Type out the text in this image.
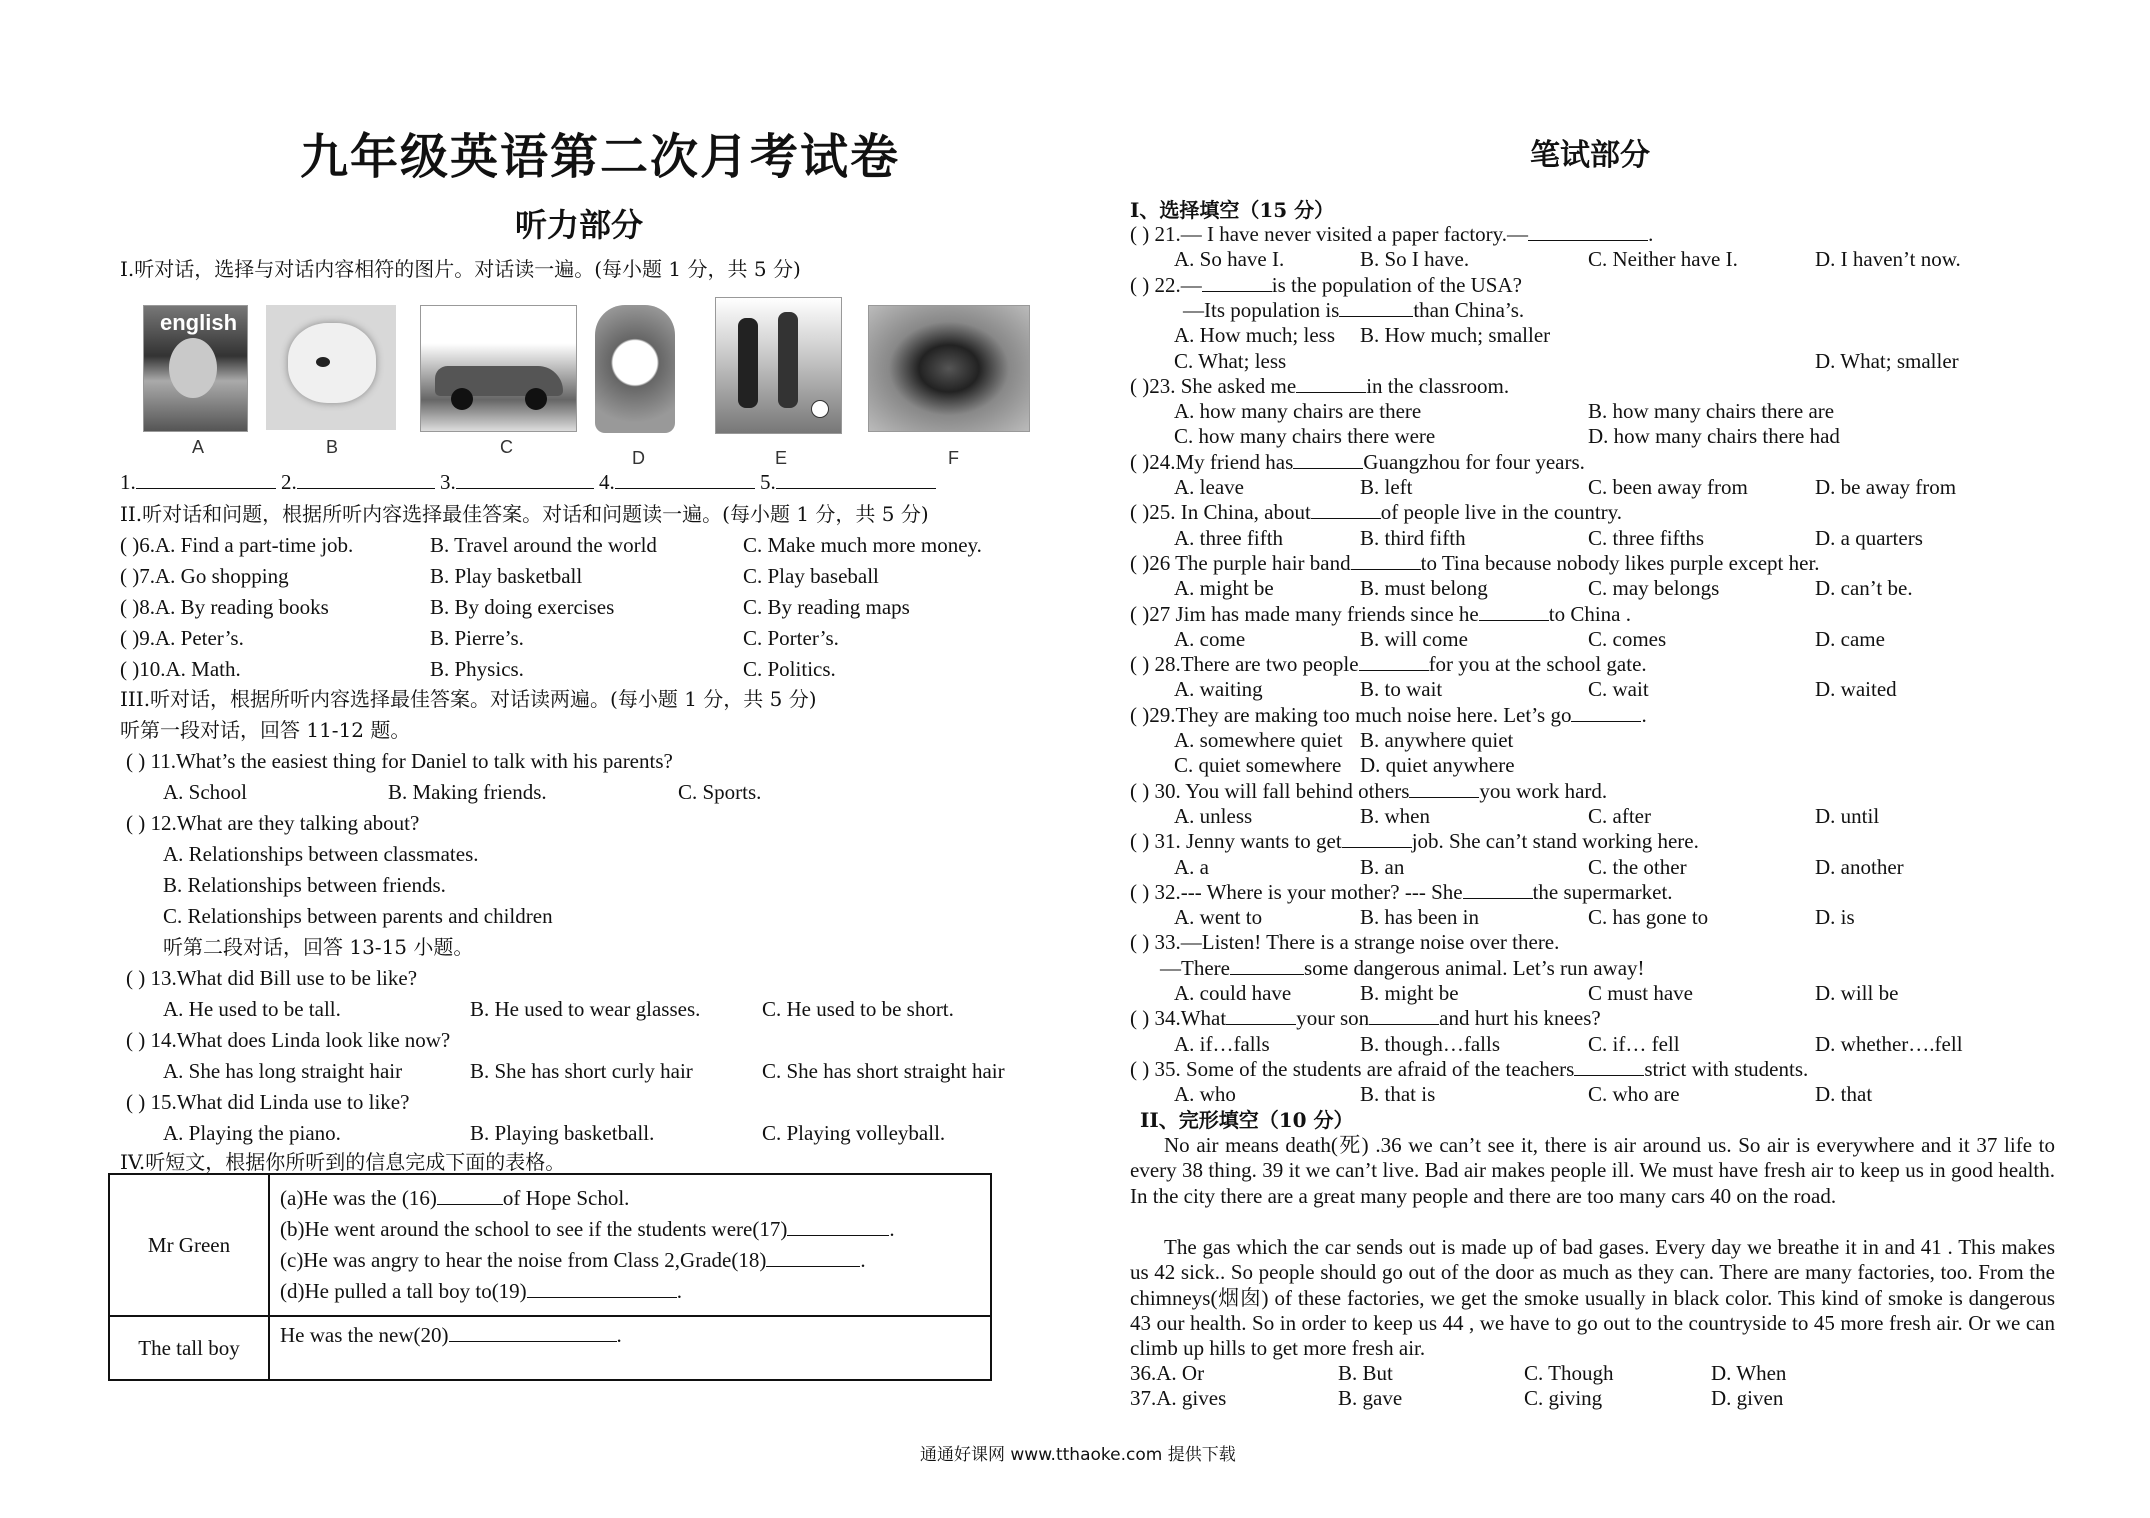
九年级英语第二次月考试卷
听力部分
I.听对话，选择与对话内容相符的图片。对话读一遍。(每小题 1 分，共 5 分)
english
A	B	C
D	E	F
1.	2.	3.	4.	5.
II.听对话和问题，根据所听内容选择最佳答案。对话和问题读一遍。(每小题 1 分，共 5 分)
( )6.A. Find a part-time job.	B. Travel around the world	C. Make much more money.
( )7.A. Go shopping	B. Play basketball	C. Play baseball
( )8.A. By reading books	B. By doing exercises	C. By reading maps
( )9.A. Peter’s.	B. Pierre’s.	C. Porter’s.
( )10.A. Math.	B. Physics.	C. Politics.
III.听对话，根据所听内容选择最佳答案。对话读两遍。(每小题 1 分，共 5 分)
听第一段对话，回答 11-12 题。
( ) 11.What’s the easiest thing for Daniel to talk with his parents?
A. School	B. Making friends.	C. Sports.
( ) 12.What are they talking about?
A. Relationships between classmates.
B. Relationships between friends.
C. Relationships between parents and children
听第二段对话，回答 13-15 小题。
( ) 13.What did Bill use to be like?
A. He used to be tall.	B. He used to wear glasses.	C. He used to be short.
( ) 14.What does Linda look like now?
A. She has long straight hair	B. She has short curly hair	C. She has short straight hair
( ) 15.What did Linda use to like?
A. Playing the piano.	B. Playing basketball.	C. Playing volleyball.
IV.听短文，根据你所听到的信息完成下面的表格。
Mr Green	(a)He was the (16) of Hope Schol.
(b)He went around the school to see if the students were(17) .
(c)He was angry to hear the noise from Class 2,Grade(18) .
(d)He pulled a tall boy to(19) .

The tall boy	He was the new(20) .
笔试部分
I、选择填空（15 分）
( ) 21.— I have never visited a paper factory.—	.
A. So have I.	B. So I have.	C. Neither have I.	D. I haven’t now.
( ) 22.—	is the population of the USA?
—Its population is	than China’s.
A. How much; less B. How much; smaller
C. What; less	D. What; smaller
( )23. She asked me	in the classroom.
A. how many chairs are there	B. how many chairs there are
C. how many chairs there were	D. how many chairs there had
( )24.My friend has	Guangzhou for four years.
A. leave	B. left	C. been away from	D. be away from
( )25. In China, about	of people live in the country.
A. three fifth	B. third fifth	C. three fifths	D. a quarters
( )26 The purple hair band	to Tina because nobody likes purple except her.
A. might be	B. must belong	C. may belongs	D. can’t be.
( )27 Jim has made many friends since he	to China .
A. come	B. will come	C. comes	D. came
( ) 28.There are two people	for you at the school gate.
A. waiting	B. to wait	C. wait	D. waited
( )29.They are making too much noise here. Let’s go	.
A. somewhere quiet B. anywhere quiet
C. quiet somewhere D. quiet anywhere
( ) 30. You will fall behind others	you work hard.
A. unless	B. when	C. after	D. until
( ) 31. Jenny wants to get	job. She can’t stand working here.
A. a	B. an	C. the other	D. another
( ) 32.--- Where is your mother? --- She	the supermarket.
A. went to	B. has been in	C. has gone to	D. is
( ) 33.—Listen! There is a strange noise over there.
—There	some dangerous animal. Let’s run away!
A. could have	B. might be	C must have	D. will be
( ) 34.What	your son	and hurt his knees?
A. if…falls	B. though…falls	C. if… fell	D. whether….fell
( ) 35. Some of the students are afraid of the teachers	strict with students.
A. who	B. that is	C. who are	D. that
II、完形填空（10 分）
No air means death(死) .36 we can’t see it, there is air around us. So air is everywhere and it 37 life to every 38 thing. 39 it we can’t live. Bad air makes people ill. We must have fresh air to keep us in good health. In the city there are a great many people and there are too many cars 40 on the road.
The gas which the car sends out is made up of bad gases. Every day we breathe it in and 41 . This makes us 42 sick.. So people should go out of the door as much as they can. There are many factories, too. From the chimneys(烟囱) of these factories, we get the smoke usually in black color. This kind of smoke is dangerous 43 our health. So in order to keep us 44 , we have to go out to the countryside to 45 more fresh air. Or we can climb up hills to get more fresh air.
36.A. Or	B. But	C. Though	D. When
37.A. gives	B. gave	C. giving	D. given
通通好课网 www.tthaoke.com 提供下载
